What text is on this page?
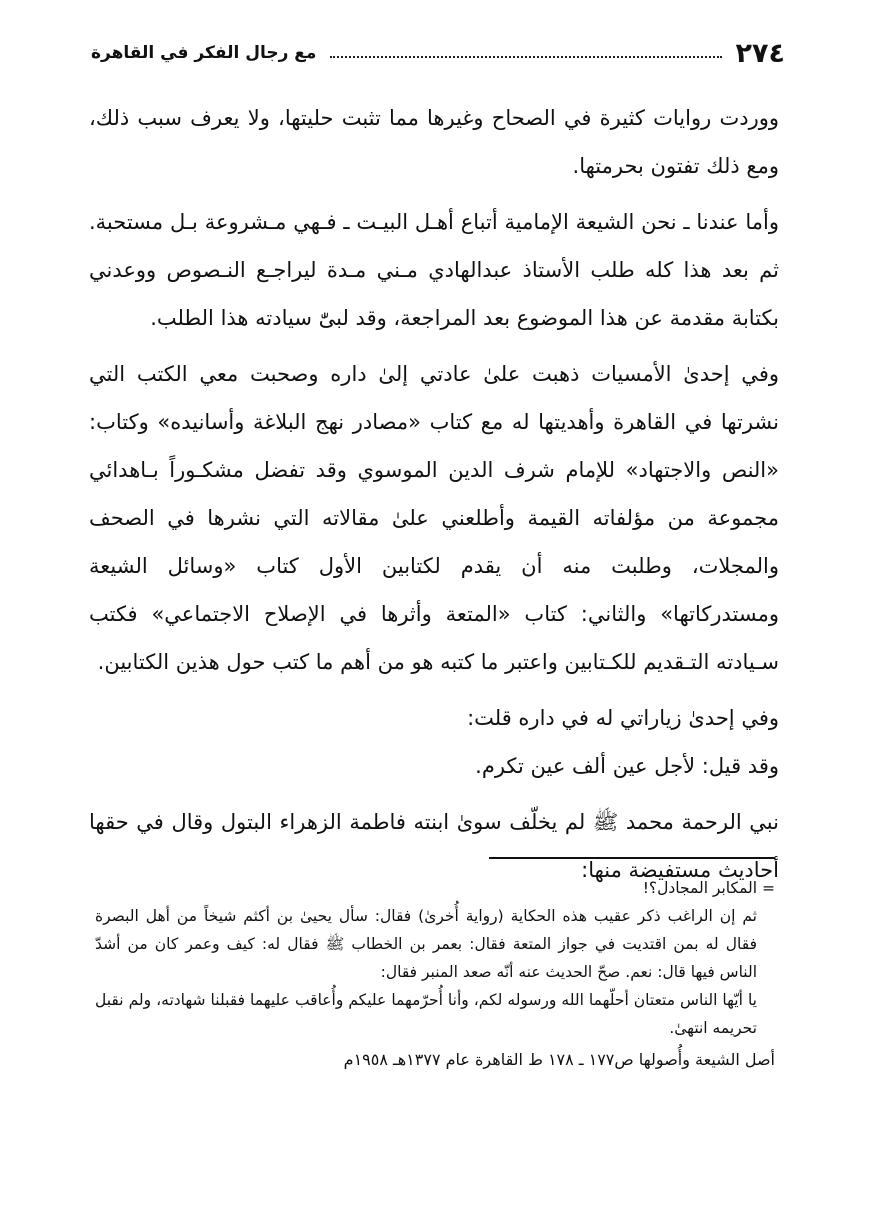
٢٧٤
مع رجال الفكر في القاهرة

ووردت روايات كثيرة في الصحاح وغيرها مما تثبت حليتها، ولا يعرف سبب ذلك، ومع ذلك تفتون بحرمتها.

وأما عندنا ـ نحن الشيعة الإمامية أتباع أهـل البيـت ـ فـهي مـشروعة بـل مستحبة. ثم بعد هذا كله طلب الأستاذ عبدالهادي مـني مـدة ليراجـع النـصوص ووعدني بكتابة مقدمة عن هذا الموضوع بعد المراجعة، وقد لبىّٰ سيادته هذا الطلب.

وفي إحدىٰ الأمسيات ذهبت علىٰ عادتي إلىٰ داره وصحبت معي الكتب التي نشرتها في القاهرة وأهديتها له مع كتاب «مصادر نهج البلاغة وأسانيده» وكتاب: «النص والاجتهاد» للإمام شرف الدين الموسوي وقد تفضل مشكـوراً بـاهدائي مجموعة من مؤلفاته القيمة وأطلعني علىٰ مقالاته التي نشرها في الصحف والمجلات، وطلبت منه أن يقدم لكتابين الأول كتاب «وسائل الشيعة ومستدركاتها» والثاني: كتاب «المتعة وأثرها في الإصلاح الاجتماعي» فكتب سـيادته التـقديم للكـتابين واعتبر ما كتبه هو من أهم ما كتب حول هذين الكتابين.

وفي إحدىٰ زياراتي له في داره قلت:

وقد قيل: لأجل عين ألف عين تكرم.

نبي الرحمة محمد ﷺ لم يخلّف سوىٰ ابنته فاطمة الزهراء البتول وقال في حقها أحاديث مستفيضة منها:

= المكابر المجادل؟!

ثم إن الراغب ذكر عقيب هذه الحكاية (رواية أُخرىٰ) فقال: سأل يحيىٰ بن أكثم شيخاً من أهل البصرة فقال له بمن اقتديت في جواز المتعة فقال: بعمر بن الخطاب ﷺ فقال له: كيف وعمر كان من أشدّ الناس فيها قال: نعم. صحّ الحديث عنه أنّه صعد المنبر فقال:

يا أيّها الناس متعتان أحلّهما الله ورسوله لكم، وأنا أُحرّمهما عليكم وأُعاقب عليهما فقبلنا شهادته، ولم نقبل تحريمه انتهىٰ.

أصل الشيعة وأُصولها ص١٧٧ ـ ١٧٨ ط القاهرة عام ١٣٧٧هـ ١٩٥٨م
